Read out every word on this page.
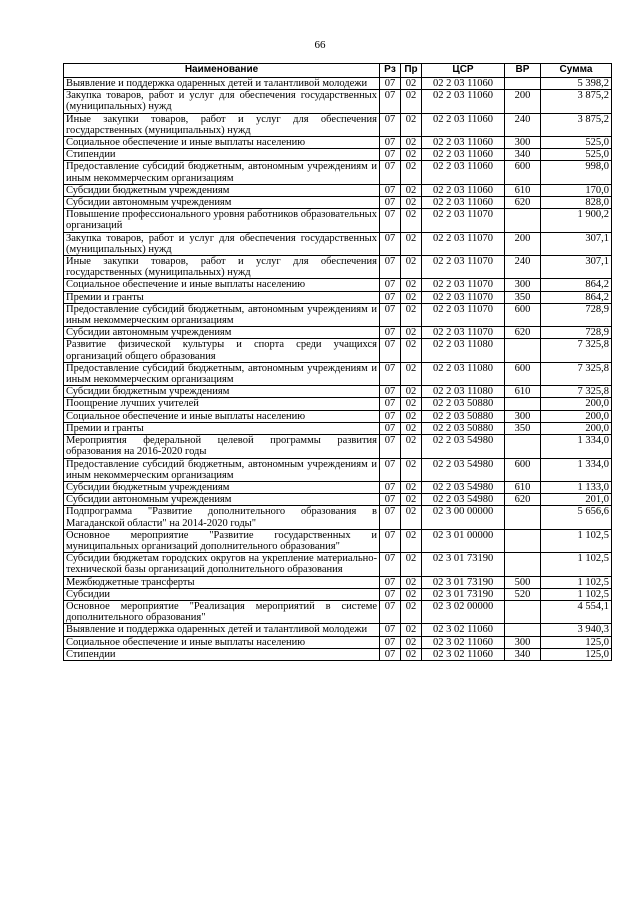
66
Наименование	Рз	Пр	ЦСР	ВР	Сумма
Выявление и поддержка одаренных детей и талантливой молодежи	07	02	02 2 03 11060		5 398,2
Закупка товаров, работ и услуг для обеспечения государственных (муниципальных) нужд	07	02	02 2 03 11060	200	3 875,2
Иные закупки товаров, работ и услуг для обеспечения государственных (муниципальных) нужд	07	02	02 2 03 11060	240	3 875,2
Социальное обеспечение и иные выплаты населению	07	02	02 2 03 11060	300	525,0
Стипендии	07	02	02 2 03 11060	340	525,0
Предоставление субсидий бюджетным, автономным учреждениям и иным некоммерческим организациям	07	02	02 2 03 11060	600	998,0
Субсидии бюджетным учреждениям	07	02	02 2 03 11060	610	170,0
Субсидии автономным учреждениям	07	02	02 2 03 11060	620	828,0
Повышение профессионального уровня работников образовательных организаций	07	02	02 2 03 11070		1 900,2
Закупка товаров, работ и услуг для обеспечения государственных (муниципальных) нужд	07	02	02 2 03 11070	200	307,1
Иные закупки товаров, работ и услуг для обеспечения государственных (муниципальных) нужд	07	02	02 2 03 11070	240	307,1
Социальное обеспечение и иные выплаты населению	07	02	02 2 03 11070	300	864,2
Премии и гранты	07	02	02 2 03 11070	350	864,2
Предоставление субсидий бюджетным, автономным учреждениям и иным некоммерческим организациям	07	02	02 2 03 11070	600	728,9
Субсидии автономным учреждениям	07	02	02 2 03 11070	620	728,9
Развитие физической культуры и спорта среди учащихся организаций общего образования	07	02	02 2 03 11080		7 325,8
Предоставление субсидий бюджетным, автономным учреждениям и иным некоммерческим организациям	07	02	02 2 03 11080	600	7 325,8
Субсидии бюджетным учреждениям	07	02	02 2 03 11080	610	7 325,8
Поощрение лучших учителей	07	02	02 2 03 50880		200,0
Социальное обеспечение и иные выплаты населению	07	02	02 2 03 50880	300	200,0
Премии и гранты	07	02	02 2 03 50880	350	200,0
Мероприятия федеральной целевой программы развития образования на 2016-2020 годы	07	02	02 2 03 54980		1 334,0
Предоставление субсидий бюджетным, автономным учреждениям и иным некоммерческим организациям	07	02	02 2 03 54980	600	1 334,0
Субсидии бюджетным учреждениям	07	02	02 2 03 54980	610	1 133,0
Субсидии автономным учреждениям	07	02	02 2 03 54980	620	201,0
Подпрограмма "Развитие дополнительного образования в Магаданской области" на 2014-2020 годы"	07	02	02 3 00 00000		5 656,6
Основное мероприятие "Развитие государственных и муниципальных организаций дополнительного образования"	07	02	02 3 01 00000		1 102,5
Субсидии бюджетам городских округов на укрепление материально-технической базы организаций дополнительного образования	07	02	02 3 01 73190		1 102,5
Межбюджетные трансферты	07	02	02 3 01 73190	500	1 102,5
Субсидии	07	02	02 3 01 73190	520	1 102,5
Основное мероприятие "Реализация мероприятий в системе дополнительного образования"	07	02	02 3 02 00000		4 554,1
Выявление и поддержка одаренных детей и талантливой молодежи	07	02	02 3 02 11060		3 940,3
Социальное обеспечение и иные выплаты населению	07	02	02 3 02 11060	300	125,0
Стипендии	07	02	02 3 02 11060	340	125,0
